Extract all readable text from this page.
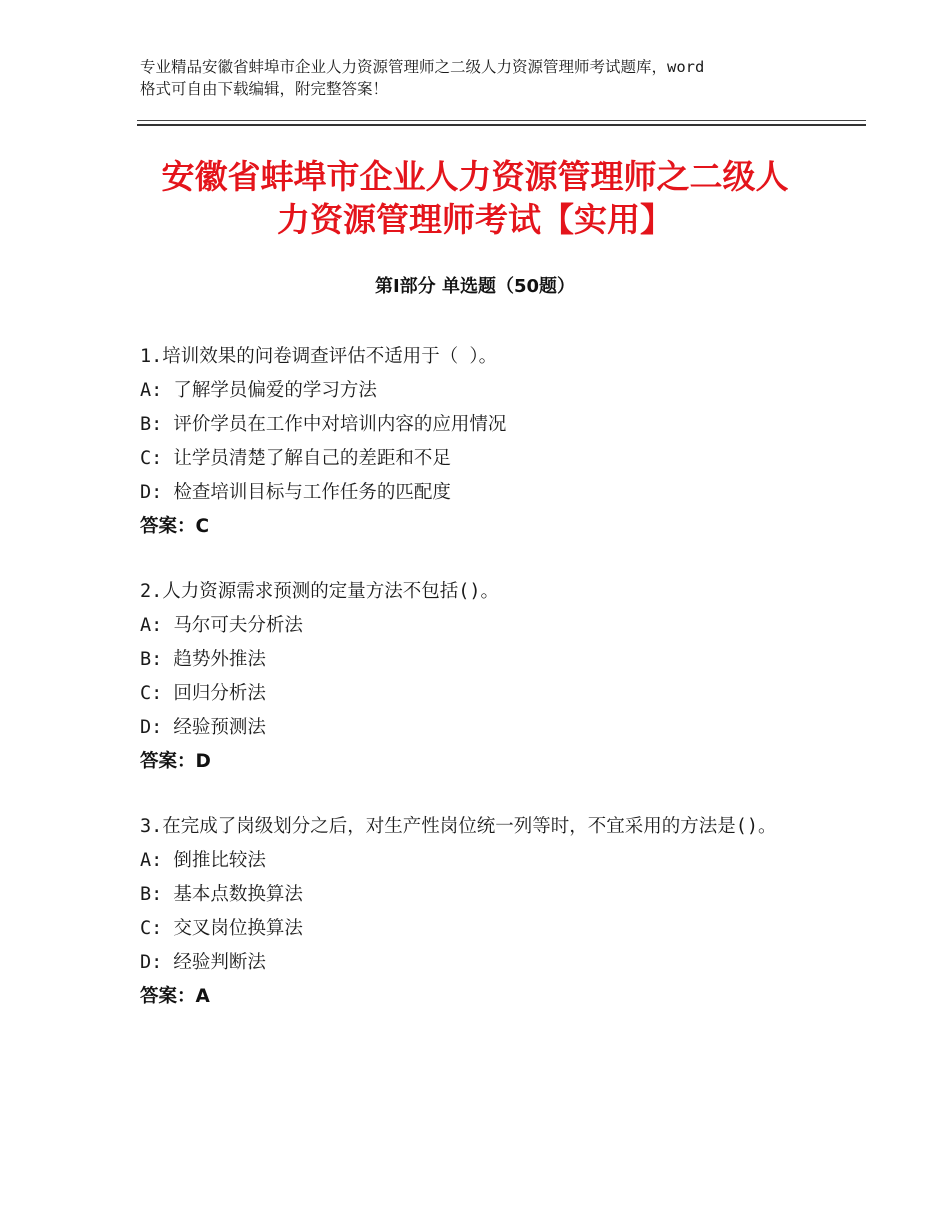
专业精品安徽省蚌埠市企业人力资源管理师之二级人力资源管理师考试题库，word
格式可自由下载编辑，附完整答案！
安徽省蚌埠市企业人力资源管理师之二级人
力资源管理师考试【实用】
第Ⅰ部分 单选题（50题）
1.培训效果的问卷调查评估不适用于（ ）。
A: 了解学员偏爱的学习方法
B: 评价学员在工作中对培训内容的应用情况
C: 让学员清楚了解自己的差距和不足
D: 检查培训目标与工作任务的匹配度
答案：C
2.人力资源需求预测的定量方法不包括()。
A: 马尔可夫分析法
B: 趋势外推法
C: 回归分析法
D: 经验预测法
答案：D
3.在完成了岗级划分之后，对生产性岗位统一列等时，不宜采用的方法是()。
A: 倒推比较法
B: 基本点数换算法
C: 交叉岗位换算法
D: 经验判断法
答案：A
